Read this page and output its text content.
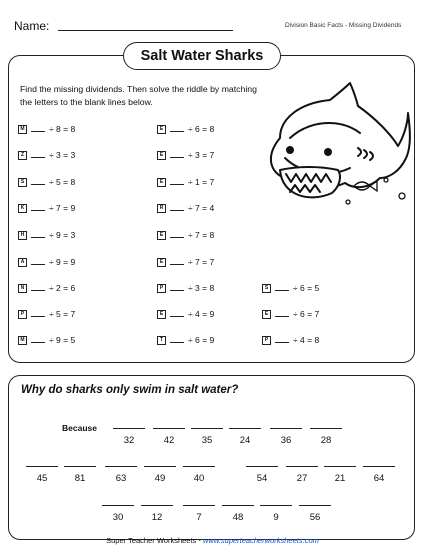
Name:	Division Basic Facts - Missing Dividends
Salt Water Sharks
Find the missing dividends. Then solve the riddle by matching the letters to the blank lines below.
M	÷ 8 = 8
Z	÷ 3 = 3
S	÷ 5 = 8
K	÷ 7 = 9
H	÷ 9 = 3
A	÷ 9 = 9
N	÷ 2 = 6
P	÷ 5 = 7
M	÷ 9 = 5
E	÷ 6 = 8
E	÷ 3 = 7
E	÷ 1 = 7
R	÷ 7 = 4
E	÷ 7 = 8
E	÷ 7 = 7
P	÷ 3 = 8
E	÷ 4 = 9
T	÷ 6 = 9
S	÷ 6 = 5
E	÷ 6 = 7
P	÷ 4 = 8
Why do sharks only swim in salt water?
Because
32	42	35	24	36	28
45	81	63	49	40	54	27	21	64
30	12	7	48	9	56
Super Teacher Worksheets - www.superteacherworksheets.com
